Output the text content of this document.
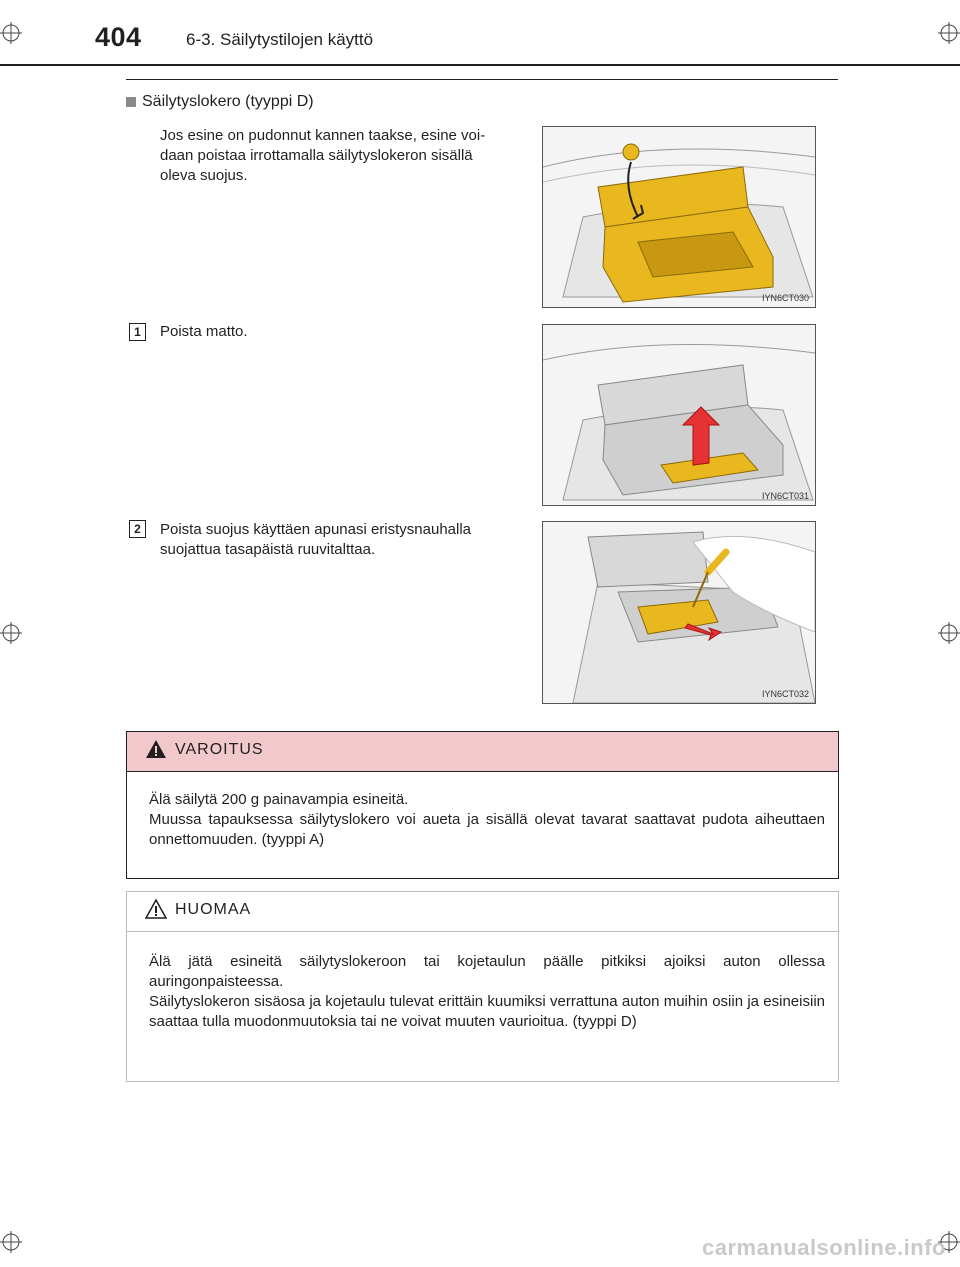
404	6-3. Säilytystilojen käyttö
Säilytyslokero (tyyppi D)
Jos esine on pudonnut kannen taakse, esine voi-
daan poistaa irrottamalla säilytyslokeron sisällä
oleva suojus.
1	Poista matto.
2	Poista suojus käyttäen apunasi eristysnauhalla
suojattua tasapäistä ruuvitalttaa.
IYN6CT030
IYN6CT031
IYN6CT032
VAROITUS
Älä säilytä 200 g painavampia esineitä.
Muussa tapauksessa säilytyslokero voi aueta ja sisällä olevat tavarat saattavat pudota aiheuttaen onnettomuuden. (tyyppi A)
HUOMAA
Älä jätä esineitä säilytyslokeroon tai kojetaulun päälle pitkiksi ajoiksi auton ollessa auringonpaisteessa.
Säilytyslokeron sisäosa ja kojetaulu tulevat erittäin kuumiksi verrattuna auton muihin osiin ja esineisiin saattaa tulla muodonmuutoksia tai ne voivat muuten vaurioitua. (tyyppi D)
carmanualsonline.info
